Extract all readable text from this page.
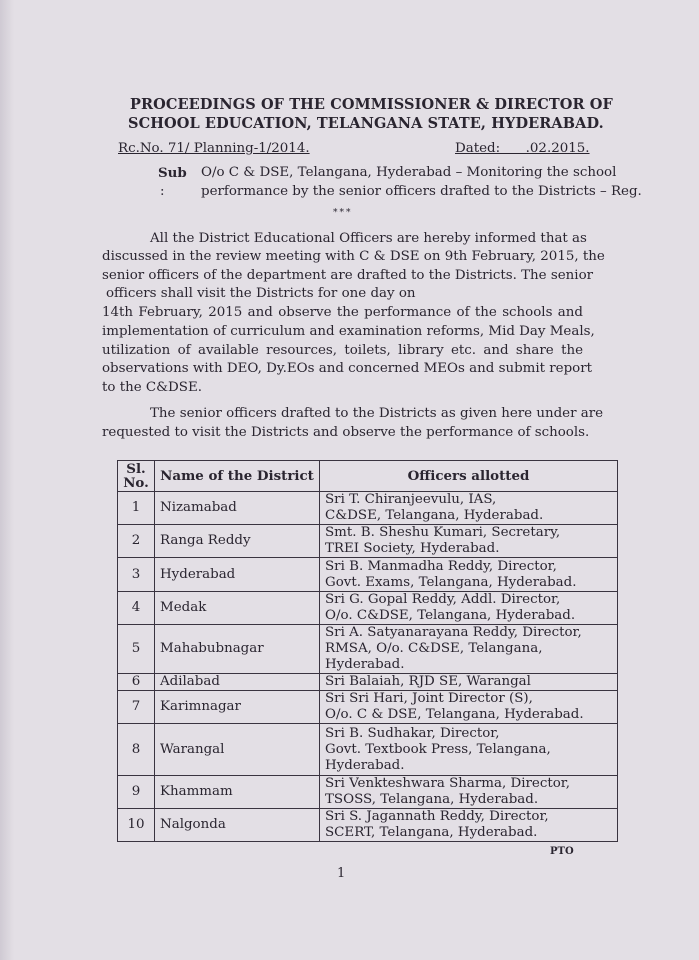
PROCEEDINGS OF THE COMMISSIONER & DIRECTOR OF
SCHOOL EDUCATION, TELANGANA STATE, HYDERABAD.
Rc.No. 71/ Planning-1/2014.	Dated:      .02.2015.
Sub
:
O/o C & DSE, Telangana, Hyderabad – Monitoring the school
performance by the senior officers drafted to the Districts – Reg.
***
All the District Educational Officers are hereby informed that as
discussed in the review meeting with C & DSE on 9th February, 2015, the
senior officers of the department are drafted to the Districts. The senior
officers shall visit the Districts for one day on
14th February, 2015 and observe the performance of the schools and
implementation of curriculum and examination reforms, Mid Day Meals,
utilization of available resources, toilets, library etc. and share the
observations with DEO, Dy.EOs and concerned MEOs and submit report
to the C&DSE.
The senior officers drafted to the Districts as given here under are
requested to visit the Districts and observe the performance of schools.
Sl. No.	Name of the District	Officers allotted
1	Nizamabad	Sri T. Chiranjeevulu, IAS,
C&DSE, Telangana, Hyderabad.

2	Ranga Reddy	Smt. B. Sheshu Kumari, Secretary,
TREI Society, Hyderabad.

3	Hyderabad	Sri B. Manmadha Reddy, Director,
Govt. Exams, Telangana, Hyderabad.

4	Medak	Sri G. Gopal Reddy, Addl. Director,
O/o. C&DSE, Telangana, Hyderabad.

5	Mahabubnagar	Sri A. Satyanarayana Reddy, Director,
RMSA, O/o. C&DSE, Telangana, Hyderabad.

6	Adilabad	Sri Balaiah, RJD SE, Warangal

7	Karimnagar	Sri Sri Hari, Joint Director (S),
O/o. C & DSE, Telangana, Hyderabad.

8	Warangal	Sri B. Sudhakar, Director,
Govt. Textbook Press, Telangana,
Hyderabad.

9	Khammam	Sri Venkteshwara Sharma, Director,
TSOSS, Telangana, Hyderabad.

10	Nalgonda	Sri S. Jagannath Reddy, Director,
SCERT, Telangana, Hyderabad.
PTO
1
